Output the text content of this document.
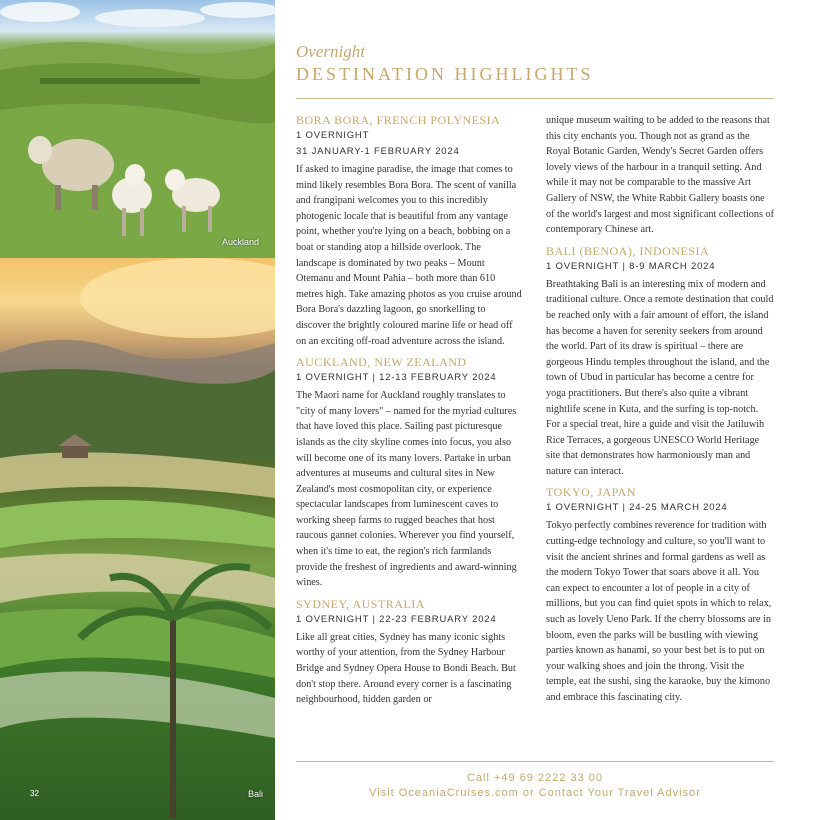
Auckland
Bali
32
Overnight
DESTINATION HIGHLIGHTS
BORA BORA, FRENCH POLYNESIA
1 OVERNIGHT
31 JANUARY-1 FEBRUARY 2024

If asked to imagine paradise, the image that comes to mind likely resembles Bora Bora. The scent of vanilla and frangipani welcomes you to this incredibly photogenic locale that is beautiful from any vantage point, whether you're lying on a beach, bobbing on a boat or standing atop a hillside overlook. The landscape is dominated by two peaks – Mount Otemanu and Mount Pahia – both more than 610 metres high. Take amazing photos as you cruise around Bora Bora's dazzling lagoon, go snorkelling to discover the brightly coloured marine life or head off on an exciting off-road adventure across the island.

AUCKLAND, NEW ZEALAND
1 OVERNIGHT | 12-13 FEBRUARY 2024

The Maori name for Auckland roughly translates to "city of many lovers" – named for the myriad cultures that have loved this place. Sailing past picturesque islands as the city skyline comes into focus, you also will become one of its many lovers. Partake in urban adventures at museums and cultural sites in New Zealand's most cosmopolitan city, or experience spectacular landscapes from luminescent caves to working sheep farms to rugged beaches that host raucous gannet colonies. Wherever you find yourself, when it's time to eat, the region's rich farmlands provide the freshest of ingredients and award-winning wines.

SYDNEY, AUSTRALIA
1 OVERNIGHT | 22-23 FEBRUARY 2024

Like all great cities, Sydney has many iconic sights worthy of your attention, from the Sydney Harbour Bridge and Sydney Opera House to Bondi Beach. But don't stop there. Around every corner is a fascinating neighbourhood, hidden garden or

unique museum waiting to be added to the reasons that this city enchants you. Though not as grand as the Royal Botanic Garden, Wendy's Secret Garden offers lovely views of the harbour in a tranquil setting. And while it may not be comparable to the massive Art Gallery of NSW, the White Rabbit Gallery boasts one of the world's largest and most significant collections of contemporary Chinese art.

BALI (BENOA), INDONESIA
1 OVERNIGHT | 8-9 MARCH 2024

Breathtaking Bali is an interesting mix of modern and traditional culture. Once a remote destination that could be reached only with a fair amount of effort, the island has become a haven for serenity seekers from around the world. Part of its draw is spiritual – there are gorgeous Hindu temples throughout the island, and the town of Ubud in particular has become a centre for yoga practitioners. But there's also quite a vibrant nightlife scene in Kuta, and the surfing is top-notch. For a special treat, hire a guide and visit the Jatiluwih Rice Terraces, a gorgeous UNESCO World Heritage site that demonstrates how harmoniously man and nature can interact.

TOKYO, JAPAN
1 OVERNIGHT | 24-25 MARCH 2024

Tokyo perfectly combines reverence for tradition with cutting-edge technology and culture, so you'll want to visit the ancient shrines and formal gardens as well as the modern Tokyo Tower that soars above it all. You can expect to encounter a lot of people in a city of millions, but you can find quiet spots in which to relax, such as lovely Ueno Park. If the cherry blossoms are in bloom, even the parks will be bustling with viewing parties known as hanami, so your best bet is to put on your walking shoes and join the throng. Visit the temple, eat the sushi, sing the karaoke, buy the kimono and embrace this fascinating city.

Call +49 69 2222 33 00
Visit OceaniaCruises.com or Contact Your Travel Advisor
